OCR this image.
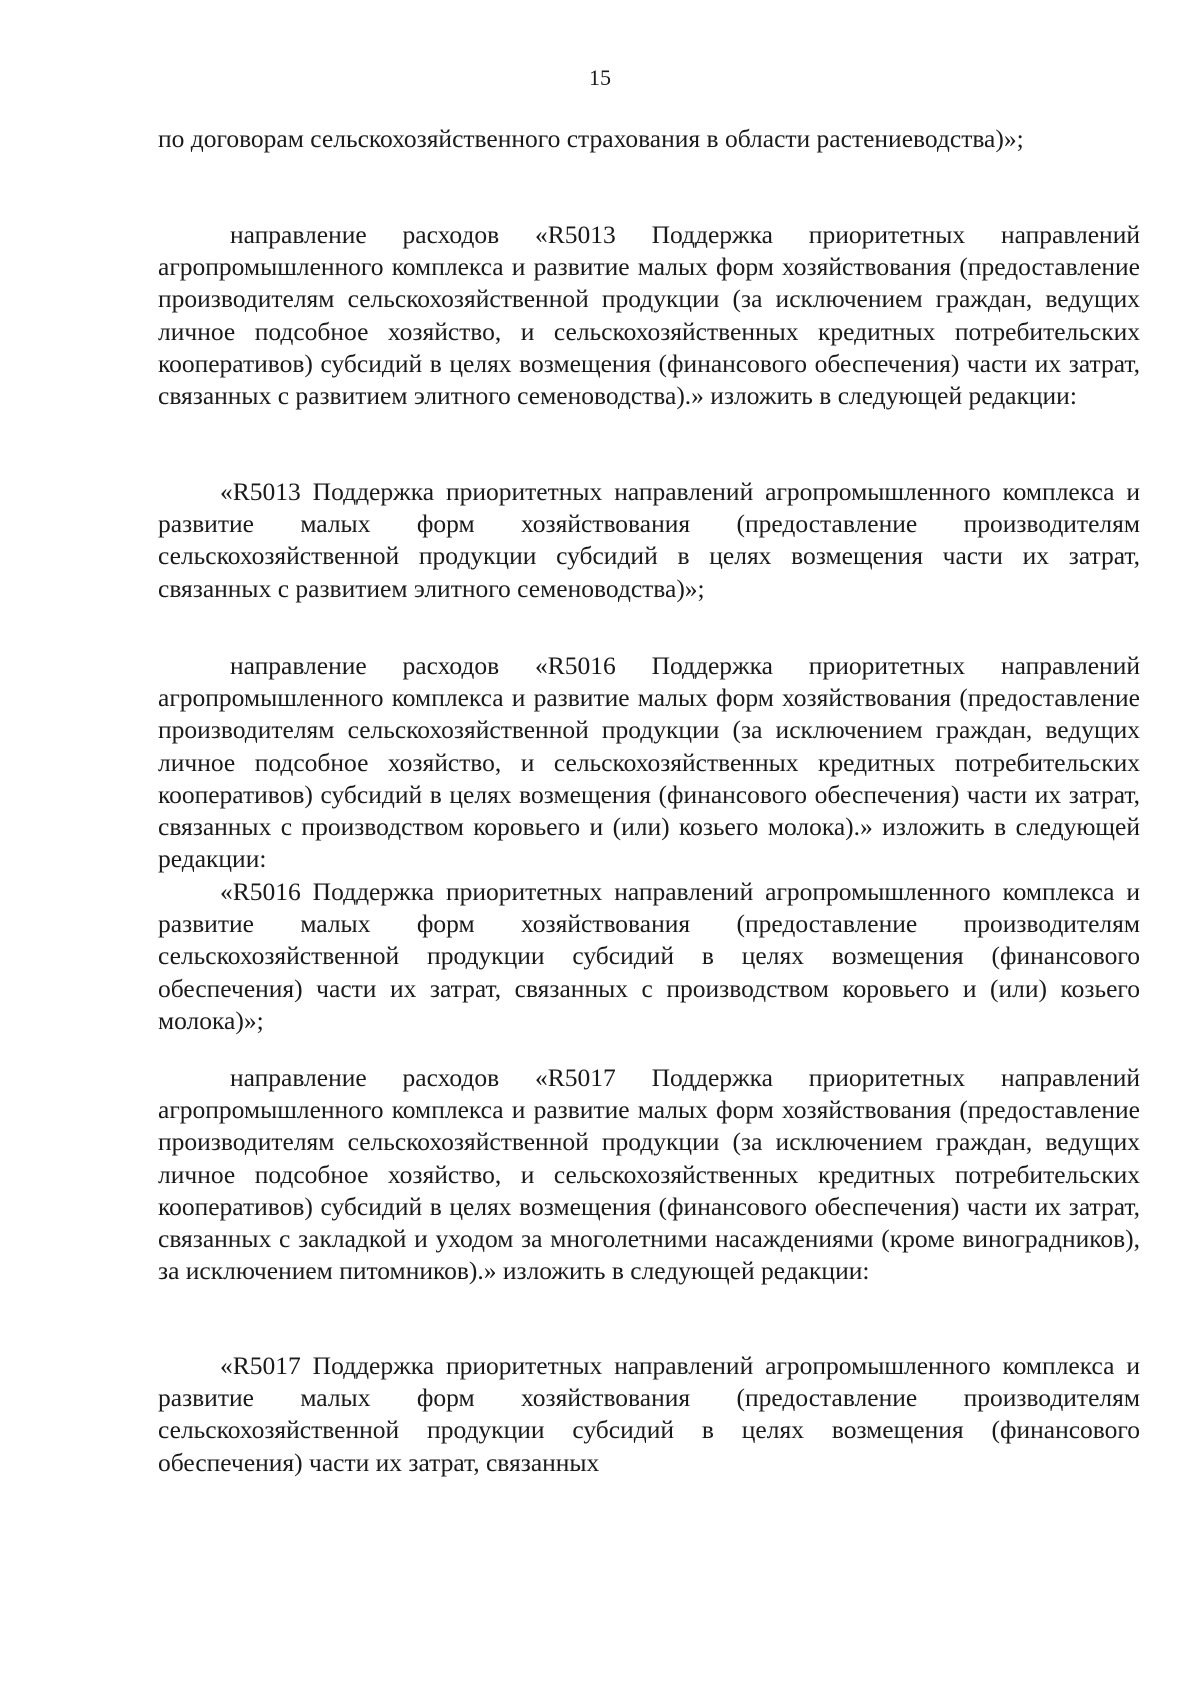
15

по договорам сельскохозяйственного страхования в области растениеводства)»;

направление расходов «R5013 Поддержка приоритетных направлений агропромышленного комплекса и развитие малых форм хозяйствования (предоставление производителям сельскохозяйственной продукции (за исключением граждан, ведущих личное подсобное хозяйство, и сельскохозяйственных кредитных потребительских кооперативов) субсидий в целях возмещения (финансового обеспечения) части их затрат, связанных с развитием элитного семеноводства).» изложить в следующей редакции:

«R5013 Поддержка приоритетных направлений агропромышленного комплекса и развитие малых форм хозяйствования (предоставление производителям сельскохозяйственной продукции субсидий в целях возмещения части их затрат, связанных с развитием элитного семеноводства)»;

направление расходов «R5016 Поддержка приоритетных направлений агропромышленного комплекса и развитие малых форм хозяйствования (предоставление производителям сельскохозяйственной продукции (за исключением граждан, ведущих личное подсобное хозяйство, и сельскохозяйственных кредитных потребительских кооперативов) субсидий в целях возмещения (финансового обеспечения) части их затрат, связанных с производством коровьего и (или) козьего молока).» изложить в следующей редакции:

«R5016 Поддержка приоритетных направлений агропромышленного комплекса и развитие малых форм хозяйствования (предоставление производителям сельскохозяйственной продукции субсидий в целях возмещения (финансового обеспечения) части их затрат, связанных с производством коровьего и (или) козьего молока)»;

направление расходов «R5017 Поддержка приоритетных направлений агропромышленного комплекса и развитие малых форм хозяйствования (предоставление производителям сельскохозяйственной продукции (за исключением граждан, ведущих личное подсобное хозяйство, и сельскохозяйственных кредитных потребительских кооперативов) субсидий в целях возмещения (финансового обеспечения) части их затрат, связанных с закладкой и уходом за многолетними насаждениями (кроме виноградников), за исключением питомников).» изложить в следующей редакции:

«R5017 Поддержка приоритетных направлений агропромышленного комплекса и развитие малых форм хозяйствования (предоставление производителям сельскохозяйственной продукции субсидий в целях возмещения (финансового обеспечения) части их затрат, связанных
